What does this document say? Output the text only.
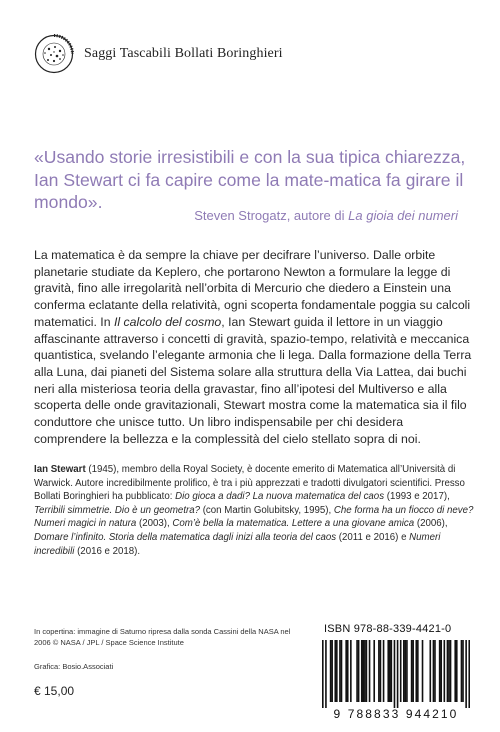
Saggi Tascabili Bollati Boringhieri

«Usando storie irresistibili e con la sua tipica chiarezza, Ian Stewart ci fa capire come la mate-matica fa girare il mondo».

Steven Strogatz, autore di La gioia dei numeri

La matematica è da sempre la chiave per decifrare l’universo. Dalle orbite planetarie studiate da Keplero, che portarono Newton a formulare la legge di gravità, fino alle irregolarità nell’orbita di Mercurio che diedero a Einstein una conferma eclatante della relatività, ogni scoperta fondamentale poggia su calcoli matematici. In Il calcolo del cosmo, Ian Stewart guida il lettore in un viaggio affascinante attraverso i concetti di gravità, spazio-tempo, relatività e meccanica quantistica, svelando l’elegante armonia che li lega. Dalla formazione della Terra alla Luna, dai pianeti del Sistema solare alla struttura della Via Lattea, dai buchi neri alla misteriosa teoria della gravastar, fino all’ipotesi del Multiverso e alla scoperta delle onde gravitazionali, Stewart mostra come la matematica sia il filo conduttore che unisce tutto. Un libro indispensabile per chi desidera comprendere la bellezza e la complessità del cielo stellato sopra di noi.

Ian Stewart (1945), membro della Royal Society, è docente emerito di Matematica all’Università di Warwick. Autore incredibilmente prolifico, è tra i più apprezzati e tradotti divulgatori scientifici. Presso Bollati Boringhieri ha pubblicato: Dio gioca a dadi? La nuova matematica del caos (1993 e 2017), Terribili simmetrie. Dio è un geometra? (con Martin Golubitsky, 1995), Che forma ha un fiocco di neve? Numeri magici in natura (2003), Com’è bella la matematica. Lettere a una giovane amica (2006), Domare l’infinito. Storia della matematica dagli inizi alla teoria del caos (2011 e 2016) e Numeri incredibili (2016 e 2018).

In copertina: immagine di Saturno ripresa dalla sonda Cassini della NASA nel 2006 © NASA / JPL / Space Science Institute

Grafica: Bosio.Associati

€ 15,00

ISBN 978-88-339-4421-0

9 788833 944210
